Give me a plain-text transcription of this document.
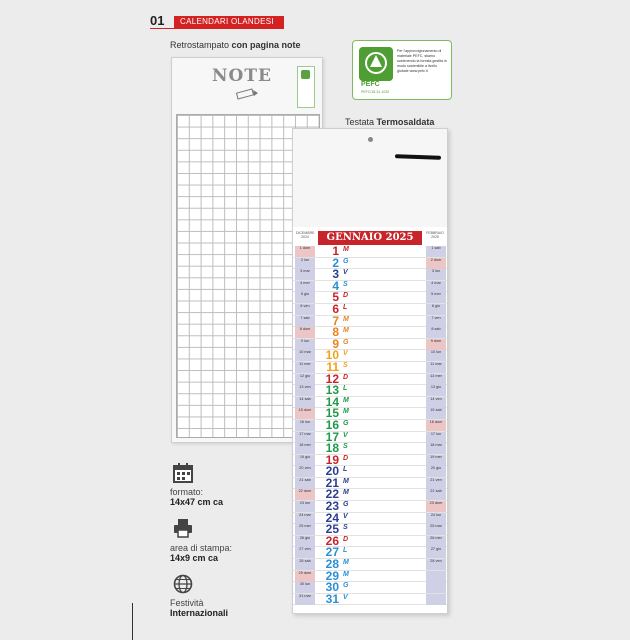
01	CALENDARI OLANDESI
Retrostampato con pagina note
NOTE	PEFC
PEFC/18-31-1032
Per l'approvvigionamento di materiale PEFC, stiamo sostenendo la foresta gestita in modo sostenibile a livello globale www.pefc.it
Testata Termosaldata
DICEMBRE 2024	GENNAIO 2025	FEBBRAIO 2025
1 dom	1 M	1 sab
2 lun	2 G	2 dom
3 mar	3 V	3 lun
4 mer	4 S	4 mar
5 gio	5 D	5 mer
6 ven	6 L	6 gio
7 sab	7 M	7 ven
8 dom	8 M	8 sab
9 lun	9 G	9 dom
10 mar	10 V	10 lun
11 mer	11 S	11 mar
12 gio	12 D	12 mer
13 ven	13 L	13 gio
14 sab	14 M	14 ven
15 dom	15 M	15 sab
16 lun	16 G	16 dom
17 mar	17 V	17 lun
18 mer	18 S	18 mar
19 gio	19 D	19 mer
20 ven	20 L	20 gio
21 sab	21 M	21 ven
22 dom	22 M	22 sab
23 lun	23 G	23 dom
24 mar	24 V	24 lun
25 mer	25 S	25 mar
26 gio	26 D	26 mer
27 ven	27 L	27 gio
28 sab	28 M	28 ven
29 dom	29 M
30 lun	30 G
31 mar	31 V
formato:
14x47 cm ca
area di stampa:
14x9 cm ca
Festività
Internazionali
